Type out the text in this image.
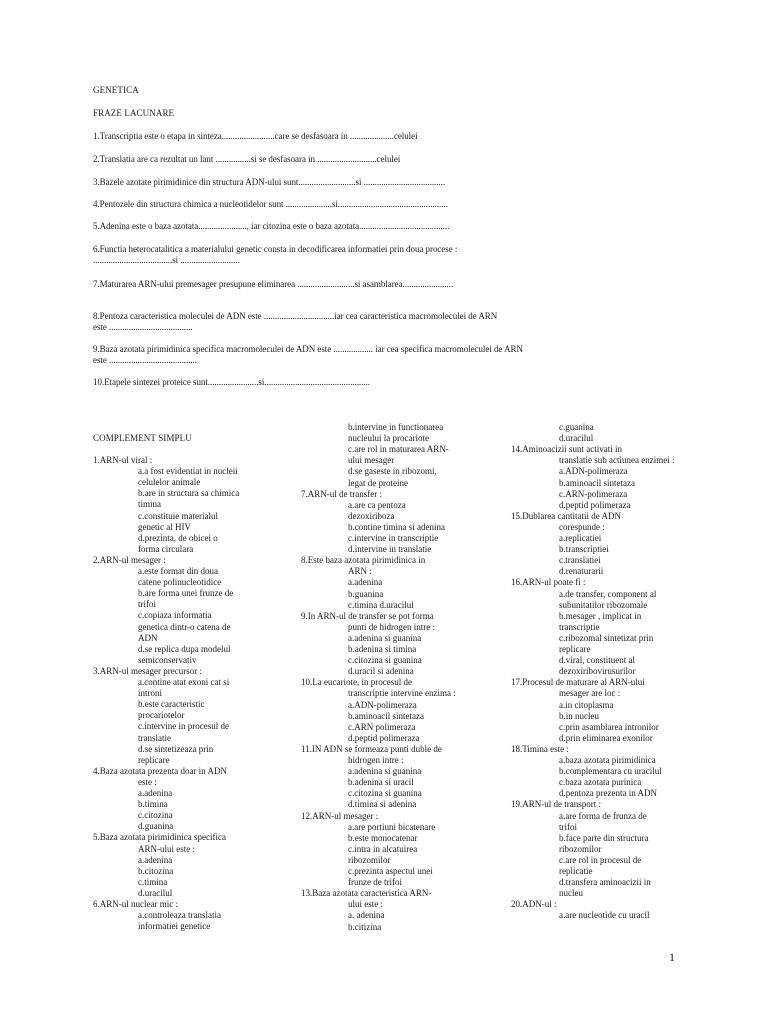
GENETICA
FRAZE LACUNARE
1.Transcriptia este o etapa in sinteza........................care se desfasoara in ....................celulei
2.Translatia are ca rezultat un lant ................si se desfasoara in ...........................celulei
3.Bazele azotate pirimidinice din structura ADN-ului sunt..........................si .....................................
4.Pentozele din structura chimica a nucleotidelor sunt .....................si..................................................
5.Adenina este o baza azotata......................, iar citozina este o baza azotata.........................................
6.Functia heterocatalitica a materialului genetic consta in decodificarea informatiei prin doua procese :
....................................si ...........................
7.Maturarea ARN-ului premesager presupune eliminarea ..........................si asamblarea.......................
8.Pentoza caracteristica moleculei de ADN este ................................iar cea caracteristica macromoleculei de ARN
este ......................................
9.Baza azotata pirimidinica specifica macromoleculei de ADN este .................. iar cea specifica macromoleculei de ARN
este ........................................
10.Etapele sintezei proteice sunt.......................si................................................
COMPLEMENT SIMPLU
1.ARN-ul viral :
a.a fost evidentiat in nucleii
celulelor animale
b.are in structura sa chimica
timina
c.constituie materialul
genetic al HIV
d.prezinta, de obicei o
forma circulara
2.ARN-ul mesager :
a.este format din doua
catene polinucleotidice
b.are forma unei frunze de
trifoi
c.copiaza informatia
genetica dintr-o catena de
ADN
d.se replica dupa modelul
semiconservativ
3.ARN-ul mesager precursor :
a.contine atat exoni cat si
introni
b.este caracteristic
procariotelor
c.intervine in procesul de
translatie
d.se sintetizeaza prin
replicare
4.Baza azotata prezenta doar in ADN
este :
a.adenina
b.timina
c.citozina
d.guanina
5.Baza azotata pirimidinica specifica
ARN-ului este :
a.adenina
b.citozina
c.timina
d.uracilul
6.ARN-ul nuclear mic :
a.controleaza translatia
informatiei genetice
b.intervine in functionarea
nucleului la procariote
c.are rol in maturarea ARN-
ului mesager
d.se gaseste in ribozomi,
legat de proteine
7.ARN-ul de transfer :
a.are ca pentoza
dezoxiriboza
b.contine timina si adenina
c.intervine in transcriptie
d.intervine in translatie
8.Este baza azotata pirimidinica in
ARN :
a.adenina
b.guanina
c.timina d.uracilul
9.In ARN-ul de transfer se pot forma
punti de hidrogen intre :
a.adenina si guanina
b.adenina si timina
c.citozina si guanina
d.uracil si adenina
10.La eucariote, in procesul de
transcriptie intervine enzima :
a.ADN-polimeraza
b.aminoacil sintetaza
c.ARN polimeraza
d.peptid polimeraza
11.IN ADN se formeaza punti duble de
hidrogen intre :
a.adenina si guanina
b.adenina si uracil
c.citozina si guanina
d.timina si adenina
12.ARN-ul mesager :
a.are portiuni bicatenare
b.este monocatenar
c.intra in alcatuirea
ribozomilor
c.prezinta aspectul unei
frunze de trifoi
13.Baza azotata caracteristica ARN-
ului este :
a. adenina
b.citizina
c.guanina
d.uracilul
14.Aminoacizii sunt activati in
translatie sub actiunea enzimei :
a.ADN-polimeraza
b.aminoacil sintetaza
c.ARN-polimeraza
d.peptid polimeraza
15.Dublarea cantitatii de ADN
corespunde :
a.replicatiei
b.transcriptiei
c.translatiei
d.renaturarii
16.ARN-ul poate fi :
a.de transfer, component al
subunitatilor ribozomale
b.mesager , implicat in
transcriptie
c.ribozomal sintetizat prin
replicare
d.viral, constituent al
dezoxiribovirusurilor
17.Procesul de maturare al ARN-ului
mesager are loc :
a.in citoplasma
b.in nucleu
c.prin asamblarea intronilor
d.prin eliminarea exonilor
18.Timina este :
a.baza azotata pirimidinica
b.complementara cu uracilul
c.baza azotata purinica
d.pentoza prezenta in ADN
19.ARN-ul de transport :
a.are forma de frunza de
trifoi
b.face parte din structura
ribozomilor
c.are rol in procesul de
replicatie
d.transfera aminoacizii in
nucleu
20.ADN-ul :
a.are nucleotide cu uracil
1
